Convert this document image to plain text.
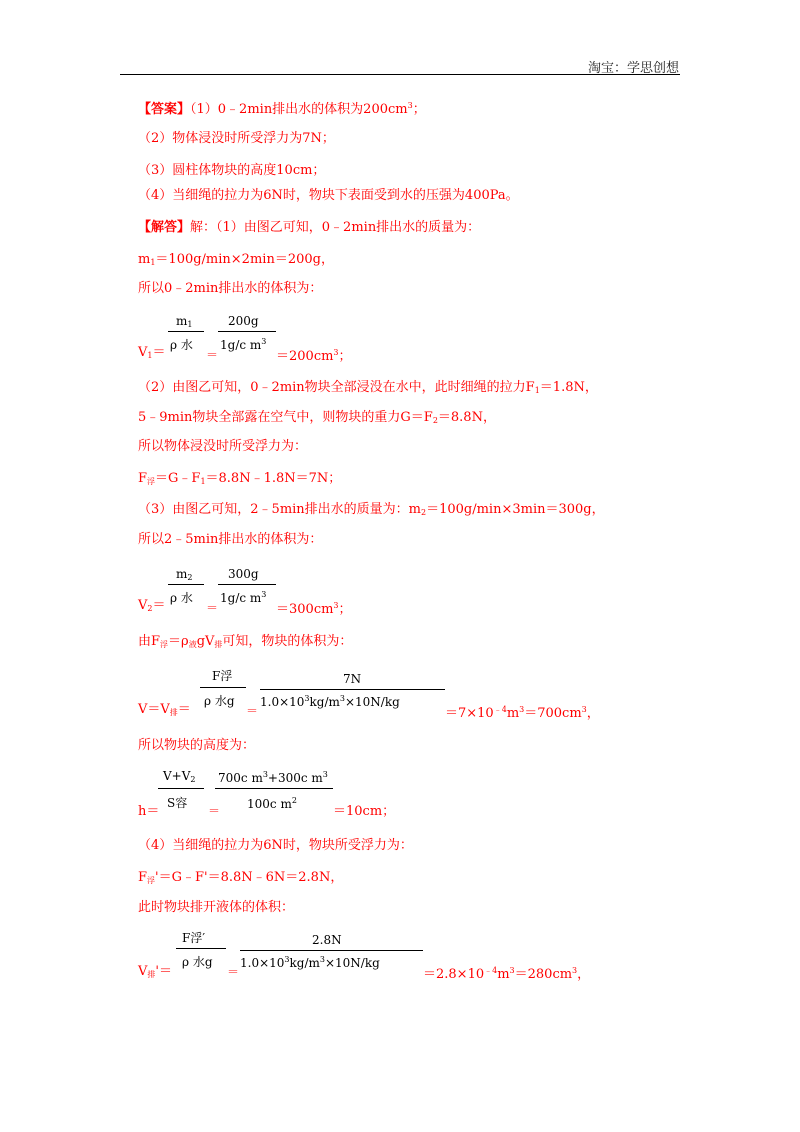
淘宝：学思创想
【答案】（1）0﹣2min排出水的体积为$200cm^3$；
（2）物体浸没时所受浮力为7N；
（3）圆柱体物块的高度10cm；
（4）当细绳的拉力为6N时，物块下表面受到水的压强为400Pa。
【解答】解：（1）由图乙可知，0﹣2min排出水的质量为：
$m_1=100g/\min\times 2\min=200g$，
所以0﹣2min排出水的体积为：
$V_1=$
$m_1$
ρ 水
＝
200g
1g/c $m^3$
$=200cm^3$；
（2）由图乙可知，0﹣2min物块全部浸没在水中，此时细绳的拉力$F_1=1.8N$，
5﹣9min物块全部露在空气中，则物块的重力$G=F_2=8.8N$，
所以物体浸没时所受浮力为：
$F_浮=G﹣F_1=8.8N﹣1.8N=7N$；
（3）由图乙可知，2﹣5min排出水的质量为：$m_2=100g/\min\times 3\min=300g$，
所以2﹣5min排出水的体积为：
$V_2=$
$m_2$
ρ 水
＝
300g
1g/c $m^3$
$=300cm^3$；
由$F_浮=\rho_液gV_排$可知，物块的体积为：
$V=V_排=$
F浮
ρ 水g
＝
7N
$1.0\times 10^3kg/m^3\times 10N/kg$
$=7\times 10^{﹣4}m^3=700cm^3$，
所以物块的高度为：
h＝
$V+V_2$
S容
＝
700c $m^3+300c$ $m^3$
100c $m^2$
＝10cm；
（4）当细绳的拉力为6N时，物块所受浮力为：
$F_浮'=G﹣F'=8.8N﹣6N=2.8N$，
此时物块排开液体的体积：
$V_排'=$
F浮′
ρ 水g
＝
2.8N
$1.0\times 10^3kg/m^3\times 10N/kg$
$=2.8\times 10^{﹣4}m^3=280cm^3$，
